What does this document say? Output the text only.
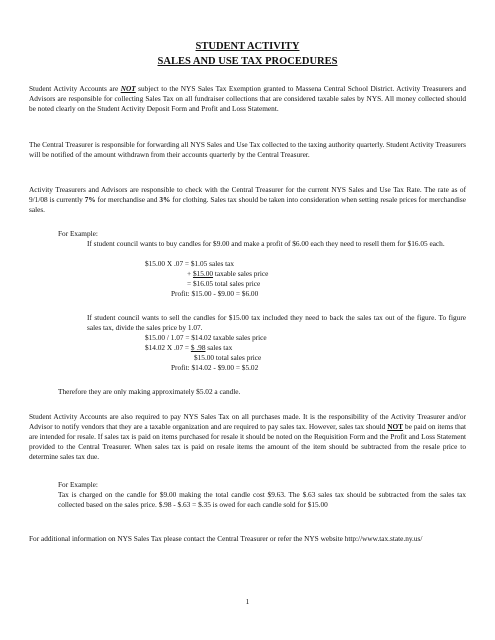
STUDENT ACTIVITY
SALES AND USE TAX PROCEDURES
Student Activity Accounts are NOT subject to the NYS Sales Tax Exemption granted to Massena Central School District. Activity Treasurers and Advisors are responsible for collecting Sales Tax on all fundraiser collections that are considered taxable sales by NYS. All money collected should be noted clearly on the Student Activity Deposit Form and Profit and Loss Statement.
The Central Treasurer is responsible for forwarding all NYS Sales and Use Tax collected to the taxing authority quarterly. Student Activity Treasurers will be notified of the amount withdrawn from their accounts quarterly by the Central Treasurer.
Activity Treasurers and Advisors are responsible to check with the Central Treasurer for the current NYS Sales and Use Tax Rate. The rate as of 9/1/08 is currently 7% for merchandise and 3% for clothing. Sales tax should be taken into consideration when setting resale prices for merchandise sales.
For Example:
If student council wants to buy candles for $9.00 and make a profit of $6.00 each they need to resell them for $16.05 each.
$15.00 X .07 = $1.05 sales tax
+ $15.00 taxable sales price
= $16.05 total sales price
Profit: $15.00 - $9.00 = $6.00
If student council wants to sell the candles for $15.00 tax included they need to back the sales tax out of the figure. To figure sales tax, divide the sales price by 1.07.
$15.00 / 1.07 = $14.02 taxable sales price
$14.02 X .07 = $ .98 sales tax
$15.00 total sales price
Profit: $14.02 - $9.00 = $5.02
Therefore they are only making approximately $5.02 a candle.
Student Activity Accounts are also required to pay NYS Sales Tax on all purchases made. It is the responsibility of the Activity Treasurer and/or Advisor to notify vendors that they are a taxable organization and are required to pay sales tax. However, sales tax should NOT be paid on items that are intended for resale. If sales tax is paid on items purchased for resale it should be noted on the Requisition Form and the Profit and Loss Statement provided to the Central Treasurer. When sales tax is paid on resale items the amount of the item should be subtracted from the resale price to determine sales tax due.
For Example:
Tax is charged on the candle for $9.00 making the total candle cost $9.63. The $.63 sales tax should be subtracted from the sales tax collected based on the sales price. $.98 - $.63 = $.35 is owed for each candle sold for $15.00
For additional information on NYS Sales Tax please contact the Central Treasurer or refer the NYS website http://www.tax.state.ny.us/
1
